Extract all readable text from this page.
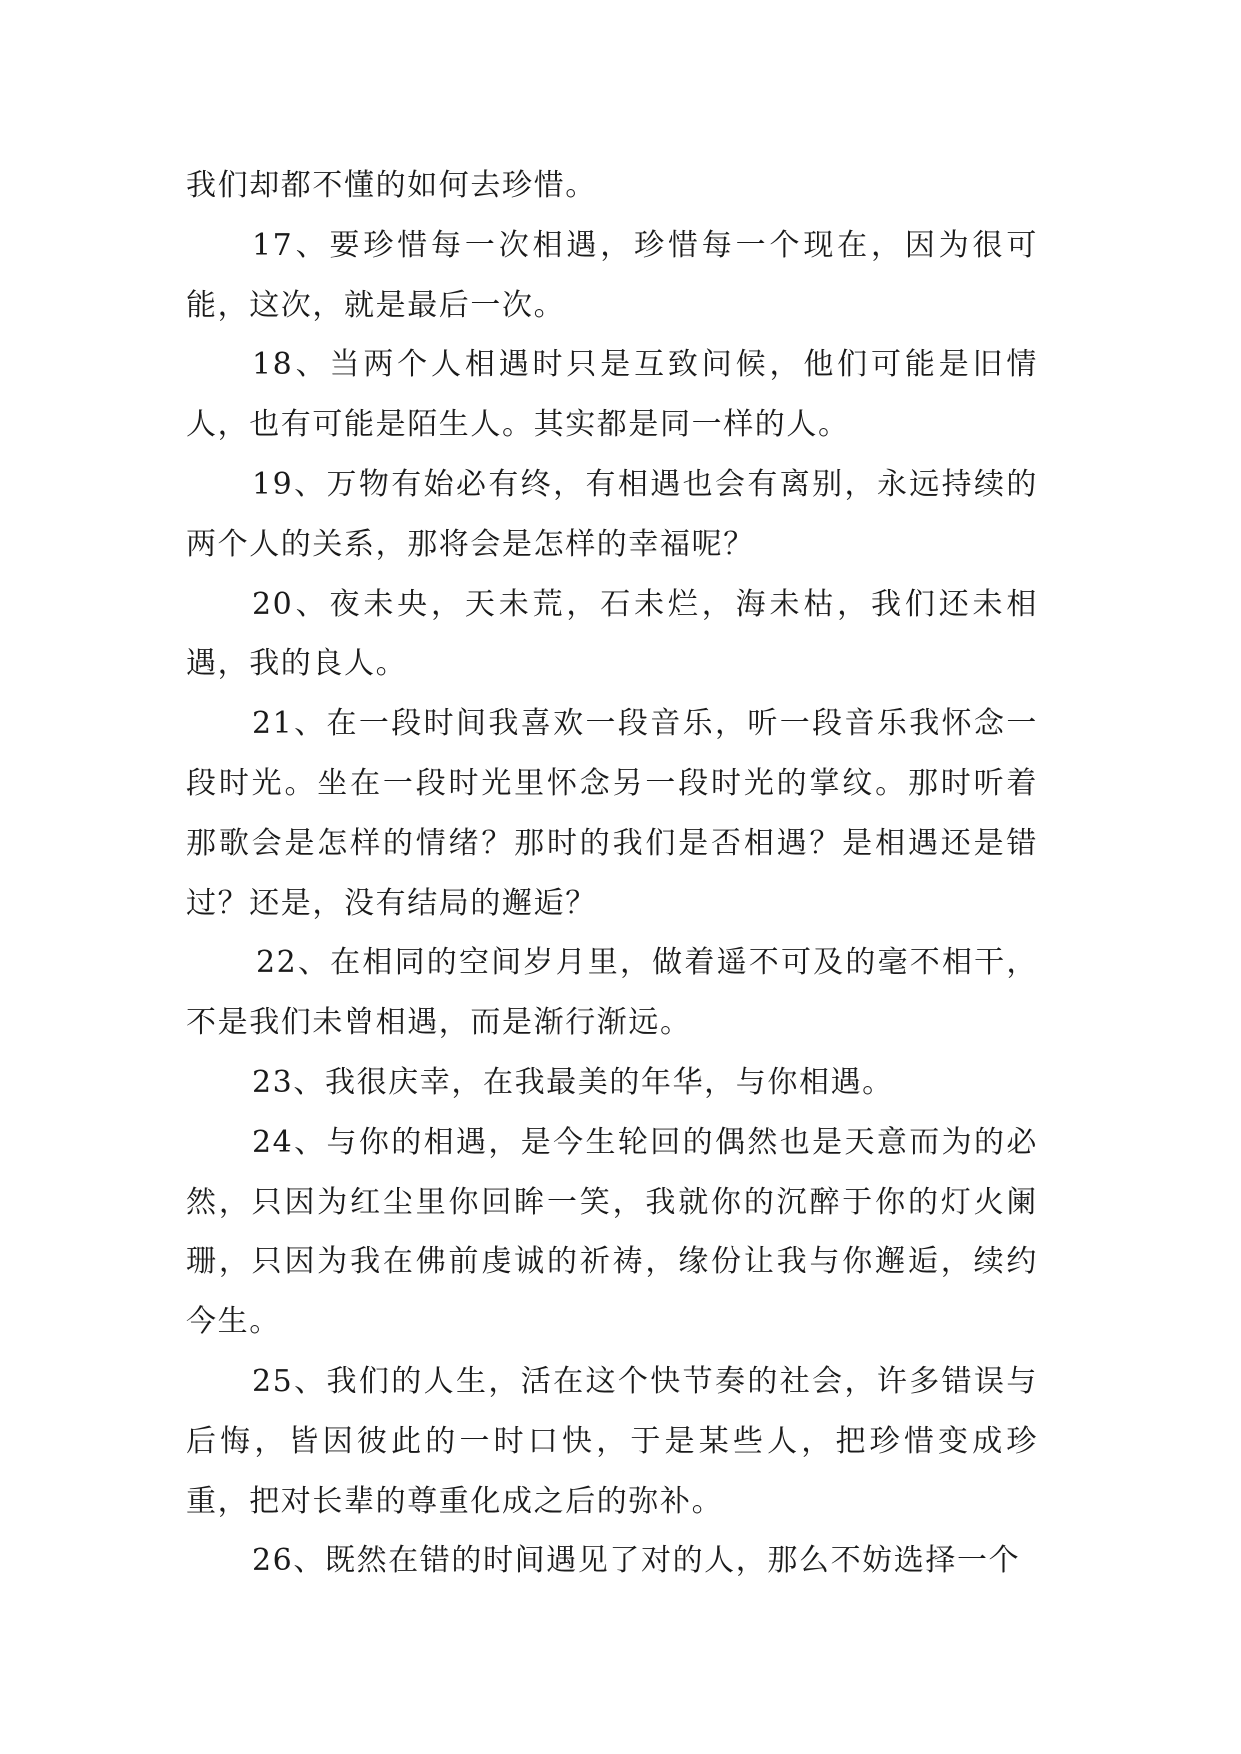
我们却都不懂的如何去珍惜。

17、要珍惜每一次相遇，珍惜每一个现在，因为很可能，这次，就是最后一次。

18、当两个人相遇时只是互致问候，他们可能是旧情人，也有可能是陌生人。其实都是同一样的人。

19、万物有始必有终，有相遇也会有离别，永远持续的两个人的关系，那将会是怎样的幸福呢？

20、夜未央，天未荒，石未烂，海未枯，我们还未相遇，我的良人。

21、在一段时间我喜欢一段音乐，听一段音乐我怀念一段时光。坐在一段时光里怀念另一段时光的掌纹。那时听着那歌会是怎样的情绪？那时的我们是否相遇？是相遇还是错过？还是，没有结局的邂逅？

22、在相同的空间岁月里，做着遥不可及的毫不相干，不是我们未曾相遇，而是渐行渐远。

23、我很庆幸，在我最美的年华，与你相遇。

24、与你的相遇，是今生轮回的偶然也是天意而为的必然，只因为红尘里你回眸一笑，我就你的沉醉于你的灯火阑珊，只因为我在佛前虔诚的祈祷，缘份让我与你邂逅，续约今生。

25、我们的人生，活在这个快节奏的社会，许多错误与后悔，皆因彼此的一时口快，于是某些人，把珍惜变成珍重，把对长辈的尊重化成之后的弥补。

26、既然在错的时间遇见了对的人，那么不妨选择一个
